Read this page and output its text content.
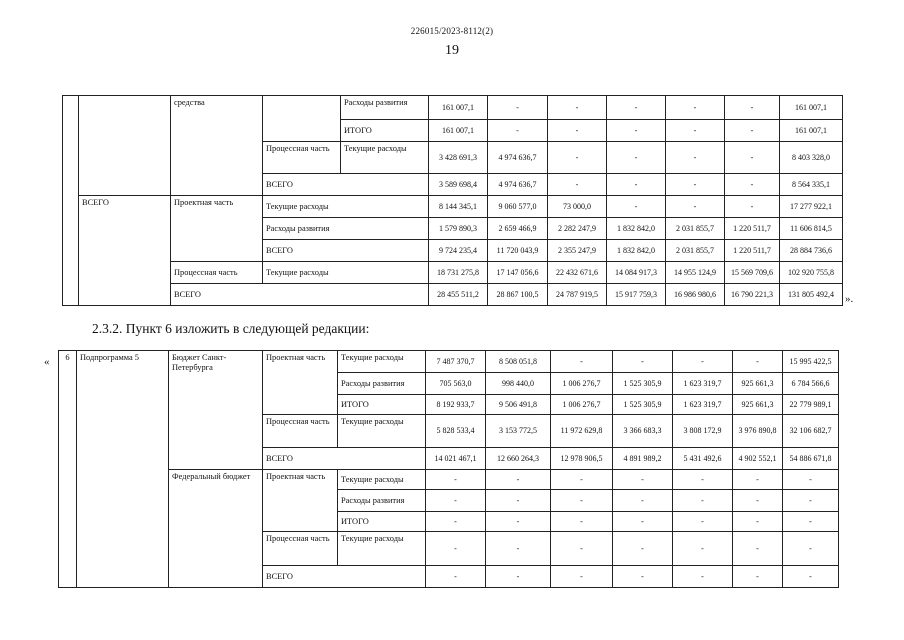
226015/2023-8112(2)
19
		средства		Расходы развития	161 007,1	-	-	-	-	-	161 007,1
				ИТОГО	161 007,1	-	-	-	-	-	161 007,1
			Процессная часть	Текущие расходы	3 428 691,3	4 974 636,7	-	-	-	-	8 403 328,0
			ВСЕГО		3 589 698,4	4 974 636,7	-	-	-	-	8 564 335,1
	ВСЕГО	Проектная часть	Текущие расходы		8 144 345,1	9 060 577,0	73 000,0	-	-	-	17 277 922,1
			Расходы развития		1 579 890,3	2 659 466,9	2 282 247,9	1 832 842,0	2 031 855,7	1 220 511,7	11 606 814,5
			ВСЕГО		9 724 235,4	11 720 043,9	2 355 247,9	1 832 842,0	2 031 855,7	1 220 511,7	28 884 736,6
		Процессная часть	Текущие расходы		18 731 275,8	17 147 056,6	22 432 671,6	14 084 917,3	14 955 124,9	15 569 709,6	102 920 755,8
		ВСЕГО			28 455 511,2	28 867 100,5	24 787 919,5	15 917 759,3	16 986 980,6	16 790 221,3	131 805 492,4 ».
2.3.2. Пункт 6 изложить в следующей редакции:
« 6	Подпрограмма 5	Бюджет Санкт-Петербурга	Проектная часть	Текущие расходы	7 487 370,7	8 508 051,8	-	-	-	-	15 995 422,5
				Расходы развития	705 563,0	998 440,0	1 006 276,7	1 525 305,9	1 623 319,7	925 661,3	6 784 566,6
				ИТОГО	8 192 933,7	9 506 491,8	1 006 276,7	1 525 305,9	1 623 319,7	925 661,3	22 779 989,1
			Процессная часть	Текущие расходы	5 828 533,4	3 153 772,5	11 972 629,8	3 366 683,3	3 808 172,9	3 976 890,8	32 106 682,7
			ВСЕГО		14 021 467,1	12 660 264,3	12 978 906,5	4 891 989,2	5 431 492,6	4 902 552,1	54 886 671,8
		Федеральный бюджет	Проектная часть	Текущие расходы	-	-	-	-	-	-	-
				Расходы развития	-	-	-	-	-	-	-
				ИТОГО	-	-	-	-	-	-	-
			Процессная часть	Текущие расходы	-	-	-	-	-	-	-
			ВСЕГО		-	-	-	-	-	-	-
